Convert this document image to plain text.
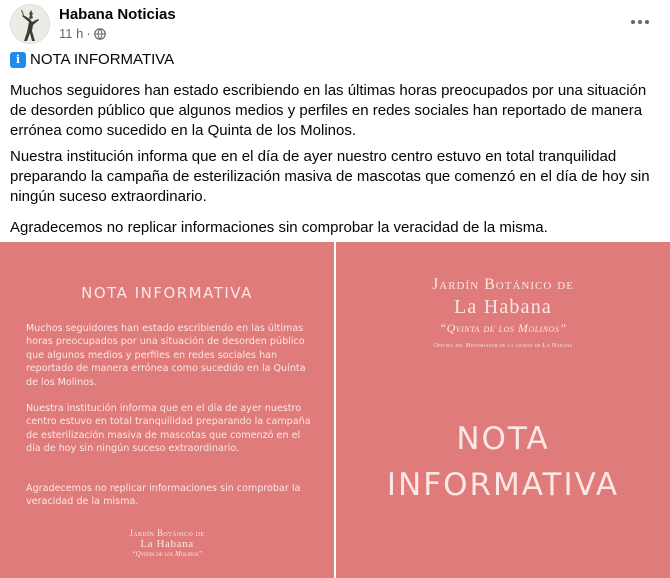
Habana Noticias
11 h ·
i NOTA INFORMATIVA

Muchos seguidores han estado escribiendo en las últimas horas preocupados por una situación de desorden público que algunos medios y perfiles en redes sociales han reportado de manera errónea como sucedido en la Quinta de los Molinos.

Nuestra institución informa que en el día de ayer nuestro centro estuvo en total tranquilidad preparando la campaña de esterilización masiva de mascotas que comenzó en el día de hoy sin ningún suceso extraordinario.

Agradecemos no replicar informaciones sin comprobar la veracidad de la misma.

NOTA INFORMATIVA

Muchos seguidores han estado escribiendo en las últimas horas preocupados por una situación de desorden público que algunos medios y perfiles en redes sociales han reportado de manera errónea como sucedido en la Quinta de los Molinos.

Nuestra institución informa que en el día de ayer nuestro centro estuvo en total tranquilidad preparando la campaña de esterilización masiva de mascotas que comenzó en el día de hoy sin ningún suceso extraordinario.

Agradecemos no replicar informaciones sin comprobar la veracidad de la misma.

Jardín Botánico de
La Habana
“Qvinta de los Molinos”
Jardín Botánico de
La Habana
“Qvinta de los Molinos”
Oficina del Historiador de la ciudad de La Habana
NOTA
INFORMATIVA
